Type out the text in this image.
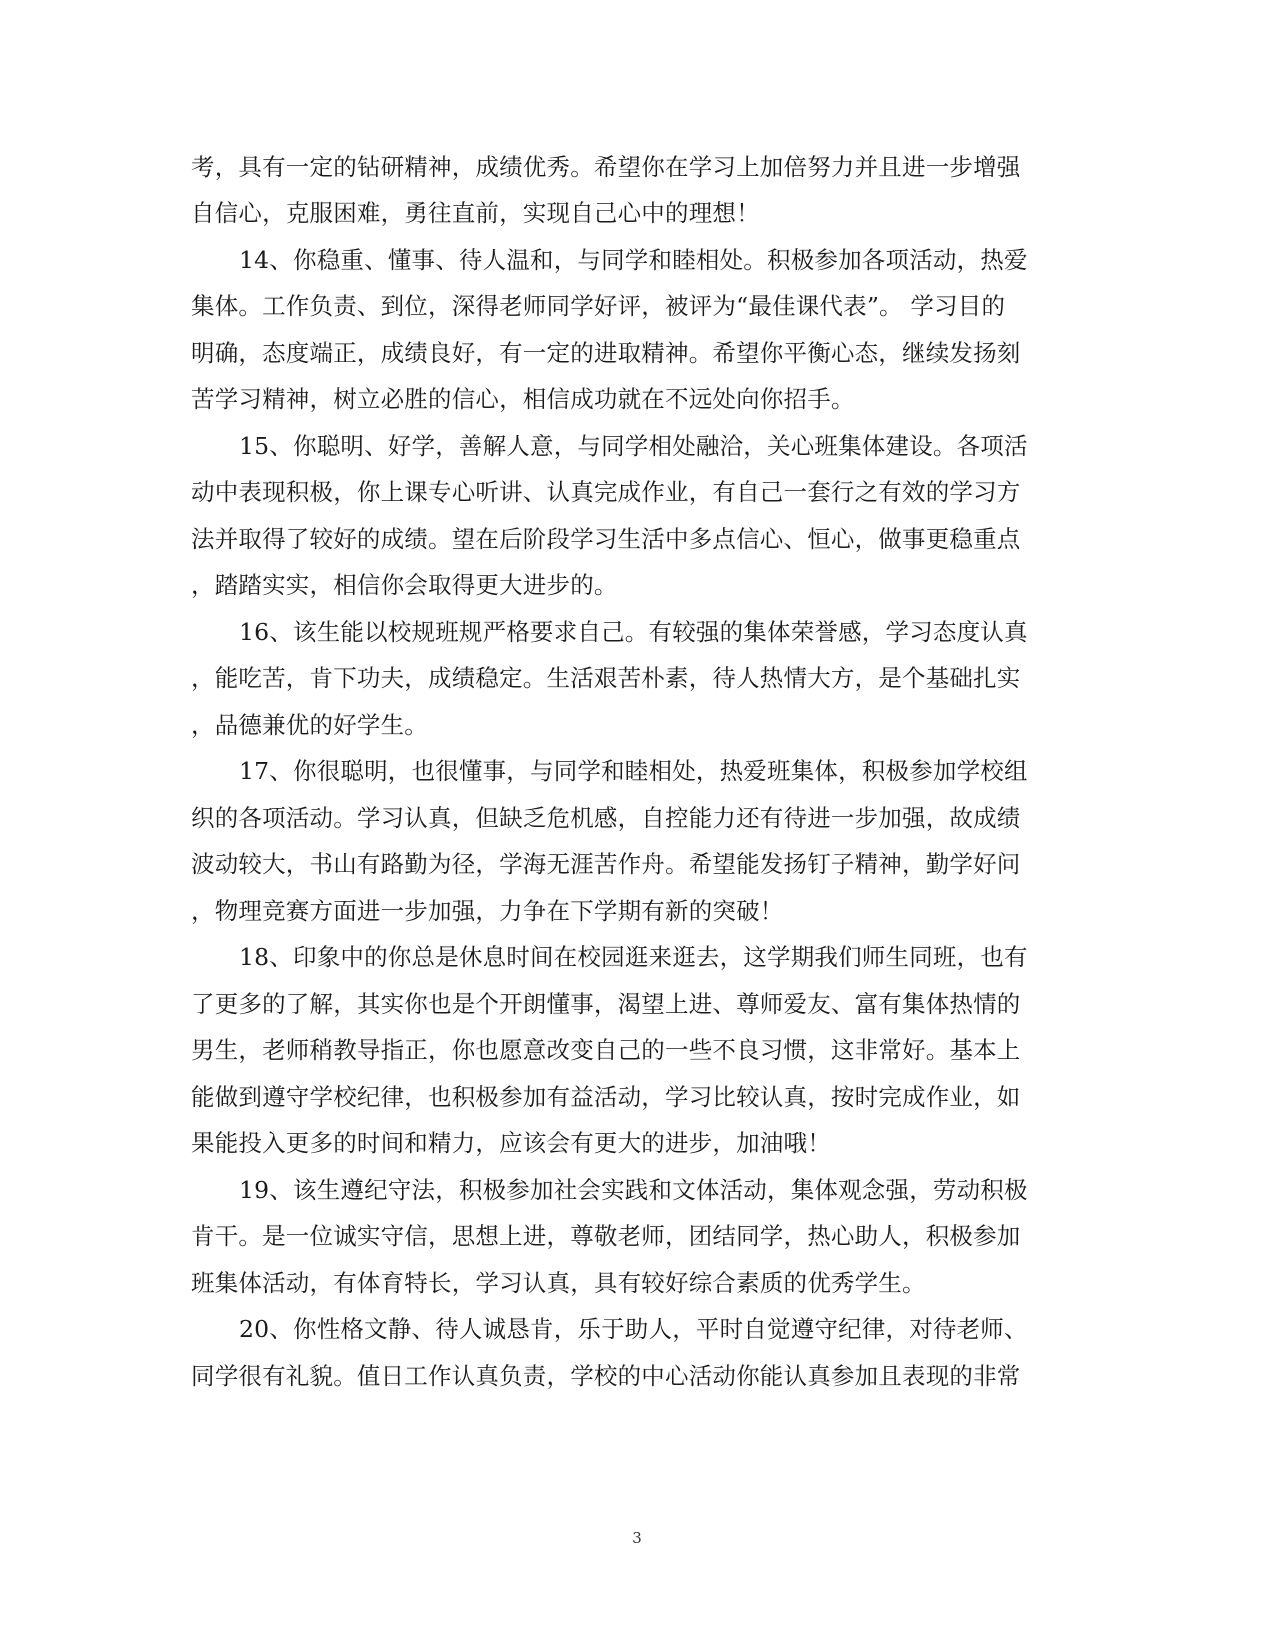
考，具有一定的钻研精神，成绩优秀。希望你在学习上加倍努力并且进一步增强
自信心，克服困难，勇往直前，实现自己心中的理想！
14、你稳重、懂事、待人温和，与同学和睦相处。积极参加各项活动，热爱
集体。工作负责、到位，深得老师同学好评，被评为“最佳课代表”。 学习目的
明确，态度端正，成绩良好，有一定的进取精神。希望你平衡心态，继续发扬刻
苦学习精神，树立必胜的信心，相信成功就在不远处向你招手。
15、你聪明、好学，善解人意，与同学相处融洽，关心班集体建设。各项活
动中表现积极，你上课专心听讲、认真完成作业，有自己一套行之有效的学习方
法并取得了较好的成绩。望在后阶段学习生活中多点信心、恒心，做事更稳重点
，踏踏实实，相信你会取得更大进步的。
16、该生能以校规班规严格要求自己。有较强的集体荣誉感，学习态度认真
，能吃苦，肯下功夫，成绩稳定。生活艰苦朴素，待人热情大方，是个基础扎实
，品德兼优的好学生。
17、你很聪明，也很懂事，与同学和睦相处，热爱班集体，积极参加学校组
织的各项活动。学习认真，但缺乏危机感，自控能力还有待进一步加强，故成绩
波动较大，书山有路勤为径，学海无涯苦作舟。希望能发扬钉子精神，勤学好问
，物理竞赛方面进一步加强，力争在下学期有新的突破！
18、印象中的你总是休息时间在校园逛来逛去，这学期我们师生同班，也有
了更多的了解，其实你也是个开朗懂事，渴望上进、尊师爱友、富有集体热情的
男生，老师稍教导指正，你也愿意改变自己的一些不良习惯，这非常好。基本上
能做到遵守学校纪律，也积极参加有益活动，学习比较认真，按时完成作业，如
果能投入更多的时间和精力，应该会有更大的进步，加油哦！
19、该生遵纪守法，积极参加社会实践和文体活动，集体观念强，劳动积极
肯干。是一位诚实守信，思想上进，尊敬老师，团结同学，热心助人，积极参加
班集体活动，有体育特长，学习认真，具有较好综合素质的优秀学生。
20、你性格文静、待人诚恳肯，乐于助人，平时自觉遵守纪律，对待老师、
同学很有礼貌。值日工作认真负责，学校的中心活动你能认真参加且表现的非常
3
